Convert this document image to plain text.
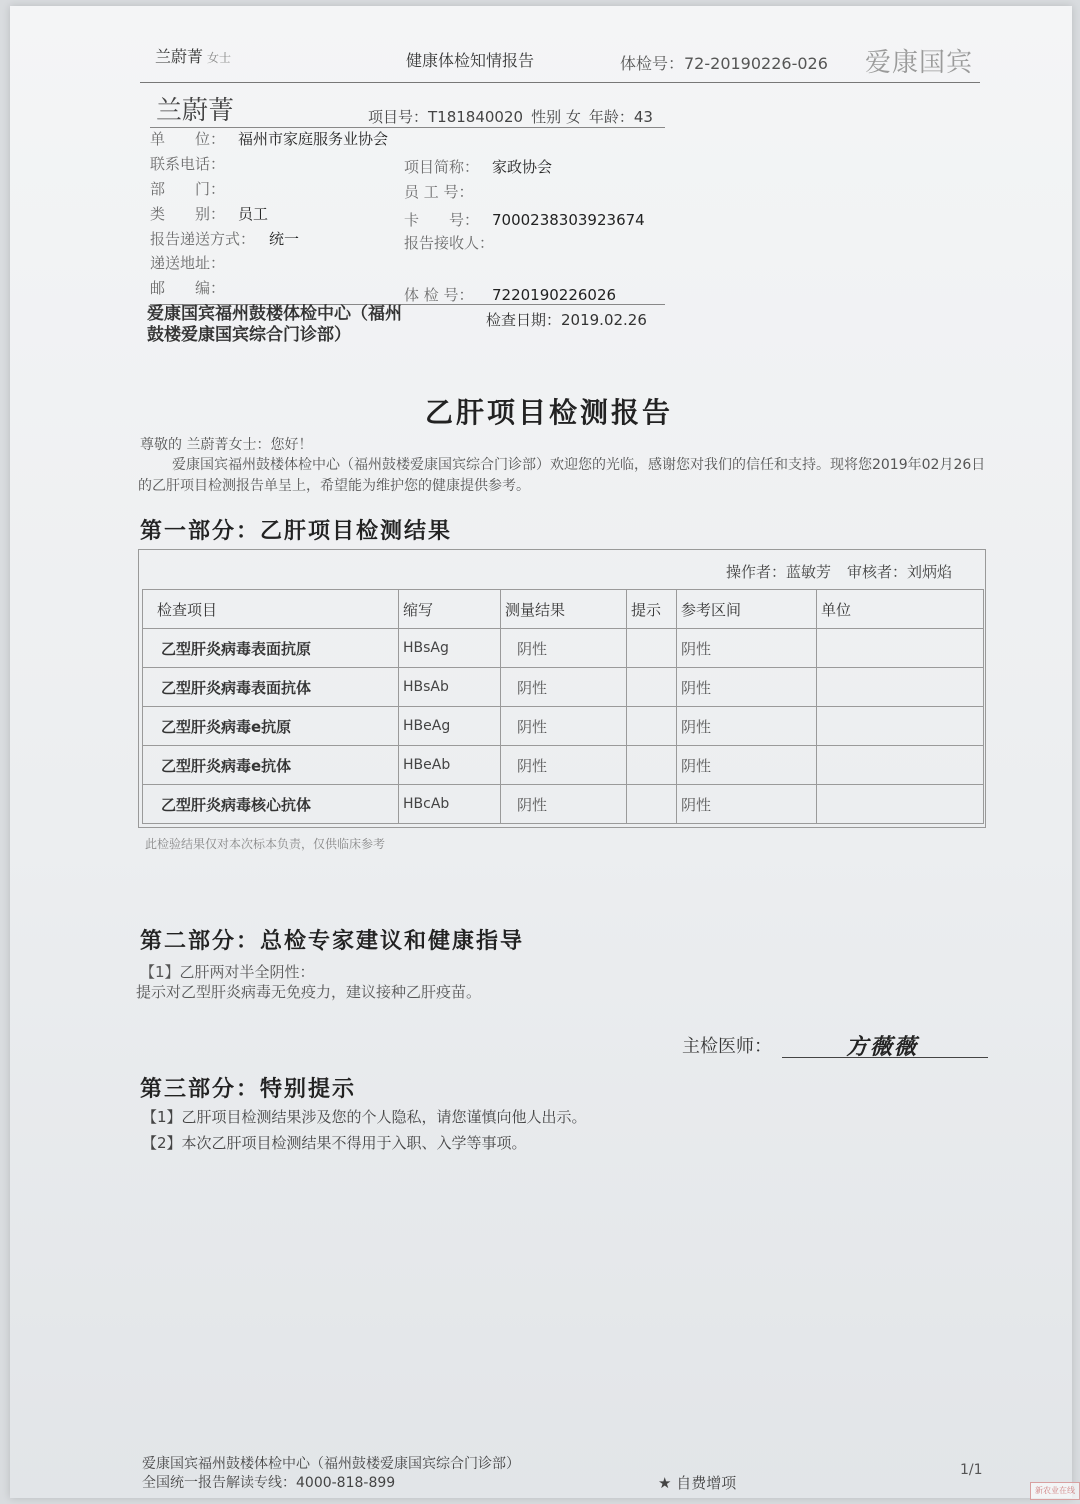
兰蔚菁 女士	健康体检知情报告	体检号：72-20190226-026 爱康国宾
兰蔚菁	项目号：T181840020 性别 女 年龄：43
单　　位： 福州市家庭服务业协会
联系电话：
部　　门：
类　　别： 员工
报告递送方式： 统一
递送地址：
邮　　编：
项目简称： 家政协会
员 工 号：
卡　　号： 7000238303923674
报告接收人：
体 检 号： 7220190226026
爱康国宾福州鼓楼体检中心（福州鼓楼爱康国宾综合门诊部）
检查日期：2019.02.26
乙肝项目检测报告
尊敬的 兰蔚菁女士：您好！
爱康国宾福州鼓楼体检中心（福州鼓楼爱康国宾综合门诊部）欢迎您的光临，感谢您对我们的信任和支持。现将您2019年02月26日的乙肝项目检测报告单呈上，希望能为维护您的健康提供参考。
第一部分：乙肝项目检测结果
操作者：蓝敏芳 审核者：刘炳焰
检查项目	缩写	测量结果	提示	参考区间	单位
乙型肝炎病毒表面抗原	HBsAg	阴性		阴性	
乙型肝炎病毒表面抗体	HBsAb	阴性		阴性	
乙型肝炎病毒e抗原	HBeAg	阴性		阴性	
乙型肝炎病毒e抗体	HBeAb	阴性		阴性	
乙型肝炎病毒核心抗体	HBcAb	阴性		阴性	
此检验结果仅对本次标本负责，仅供临床参考
第二部分：总检专家建议和健康指导
【1】乙肝两对半全阴性：
提示对乙型肝炎病毒无免疫力，建议接种乙肝疫苗。
主检医师：	方薇薇
第三部分：特别提示
【1】乙肝项目检测结果涉及您的个人隐私，请您谨慎向他人出示。
【2】本次乙肝项目检测结果不得用于入职、入学等事项。
爱康国宾福州鼓楼体检中心（福州鼓楼爱康国宾综合门诊部）
全国统一报告解读专线：4000-818-899	★ 自费增项
1/1
新农业在线
